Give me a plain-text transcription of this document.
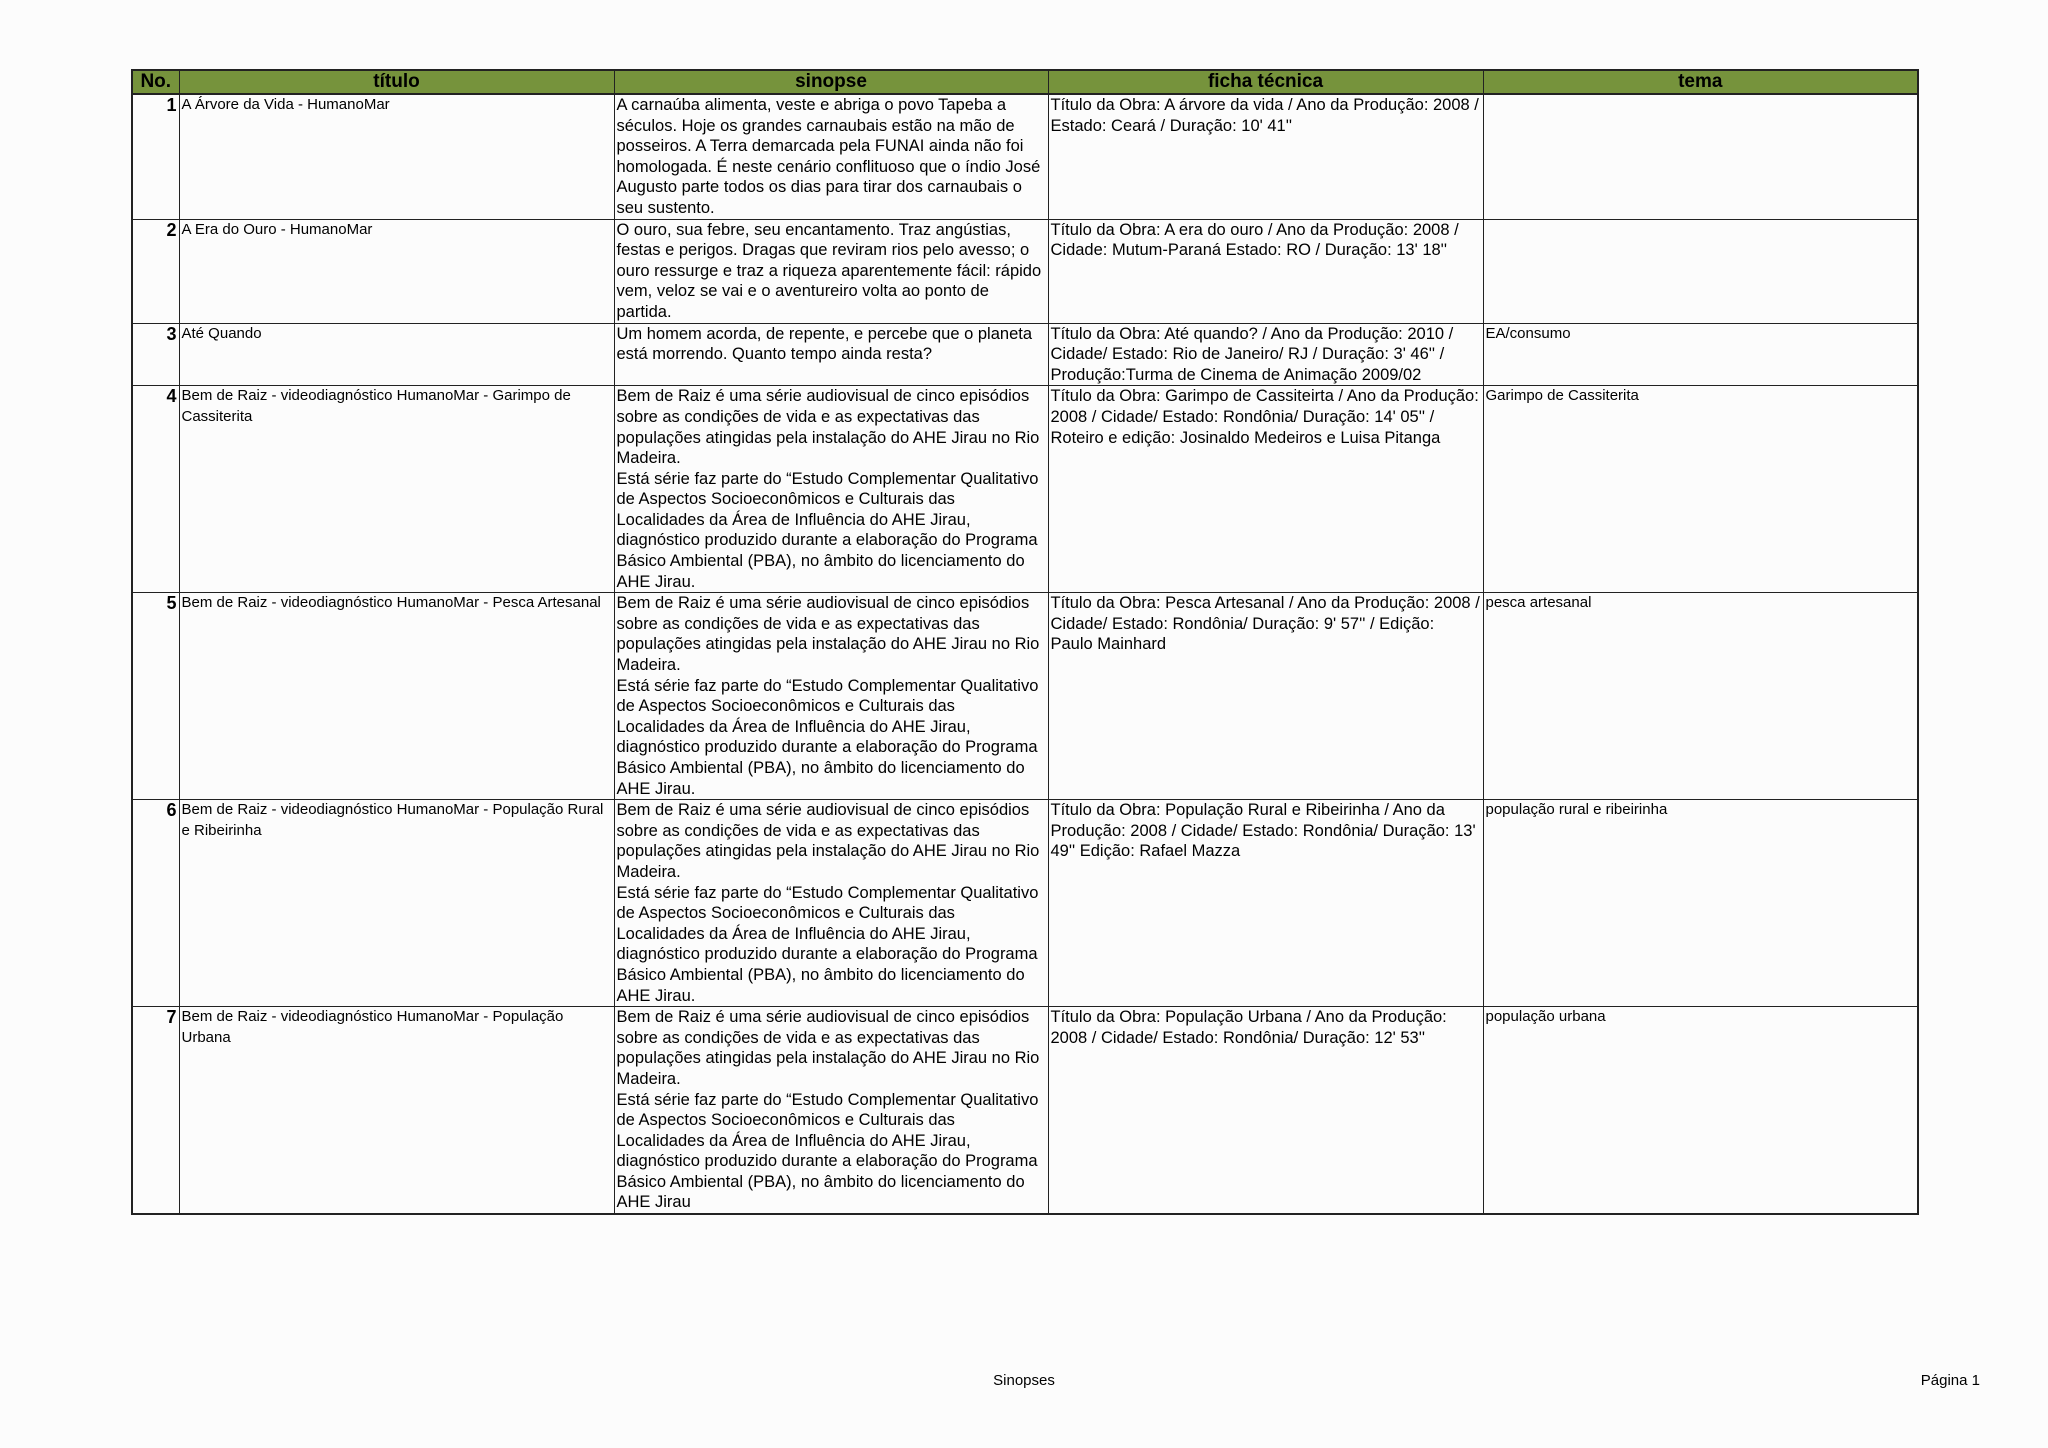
No.	título	sinopse	ficha técnica	tema
1	A Árvore da Vida - HumanoMar	A carnaúba alimenta, veste e abriga o povo Tapeba a séculos. Hoje os grandes carnaubais estão na mão de posseiros. A Terra demarcada pela FUNAI ainda não foi homologada. É neste cenário conflituoso que o índio José Augusto parte todos os dias para tirar dos carnaubais o seu sustento.	Título da Obra: A árvore da vida / Ano da Produção: 2008 / Estado: Ceará / Duração: 10' 41''	
2	A Era do Ouro - HumanoMar	O ouro, sua febre, seu encantamento. Traz angústias, festas e perigos. Dragas que reviram rios pelo avesso; o ouro ressurge e traz a riqueza aparentemente fácil: rápido vem, veloz se vai e o aventureiro volta ao ponto de partida.	Título da Obra: A era do ouro / Ano da Produção: 2008 / Cidade: Mutum-Paraná Estado: RO / Duração: 13' 18''	
3	Até Quando	Um homem acorda, de repente, e percebe que o planeta está morrendo. Quanto tempo ainda resta?	Título da Obra: Até quando? / Ano da Produção: 2010 / Cidade/ Estado: Rio de Janeiro/ RJ / Duração: 3' 46'' / Produção:Turma de Cinema de Animação 2009/02	EA/consumo
4	Bem de Raiz - videodiagnóstico HumanoMar - Garimpo de Cassiterita	Bem de Raiz é uma série audiovisual de cinco episódios sobre as condições de vida e as expectativas das populações atingidas pela instalação do AHE Jirau no Rio Madeira.
Está série faz parte do “Estudo Complementar Qualitativo de Aspectos Socioeconômicos e Culturais das Localidades da Área de Influência do AHE Jirau, diagnóstico produzido durante a elaboração do Programa Básico Ambiental (PBA), no âmbito do licenciamento do AHE Jirau.	Título da Obra: Garimpo de Cassiteirta / Ano da Produção: 2008 / Cidade/ Estado: Rondônia/ Duração: 14' 05'' / Roteiro e edição: Josinaldo Medeiros e Luisa Pitanga	Garimpo de Cassiterita
5	Bem de Raiz - videodiagnóstico HumanoMar - Pesca Artesanal	Bem de Raiz é uma série audiovisual de cinco episódios sobre as condições de vida e as expectativas das populações atingidas pela instalação do AHE Jirau no Rio Madeira.
Está série faz parte do “Estudo Complementar Qualitativo de Aspectos Socioeconômicos e Culturais das Localidades da Área de Influência do AHE Jirau, diagnóstico produzido durante a elaboração do Programa Básico Ambiental (PBA), no âmbito do licenciamento do AHE Jirau.	Título da Obra: Pesca Artesanal / Ano da Produção: 2008 / Cidade/ Estado: Rondônia/ Duração: 9' 57'' / Edição: Paulo Mainhard	pesca artesanal
6	Bem de Raiz - videodiagnóstico HumanoMar - População Rural e Ribeirinha	Bem de Raiz é uma série audiovisual de cinco episódios sobre as condições de vida e as expectativas das populações atingidas pela instalação do AHE Jirau no Rio Madeira.
Está série faz parte do “Estudo Complementar Qualitativo de Aspectos Socioeconômicos e Culturais das Localidades da Área de Influência do AHE Jirau, diagnóstico produzido durante a elaboração do Programa Básico Ambiental (PBA), no âmbito do licenciamento do AHE Jirau.	Título da Obra: População Rural e Ribeirinha / Ano da Produção: 2008 / Cidade/ Estado: Rondônia/ Duração: 13' 49'' Edição: Rafael Mazza	população rural e ribeirinha
7	Bem de Raiz - videodiagnóstico HumanoMar - População Urbana	Bem de Raiz é uma série audiovisual de cinco episódios sobre as condições de vida e as expectativas das populações atingidas pela instalação do AHE Jirau no Rio Madeira.
Está série faz parte do “Estudo Complementar Qualitativo de Aspectos Socioeconômicos e Culturais das Localidades da Área de Influência do AHE Jirau, diagnóstico produzido durante a elaboração do Programa Básico Ambiental (PBA), no âmbito do licenciamento do AHE Jirau	Título da Obra: População Urbana / Ano da Produção: 2008 / Cidade/ Estado: Rondônia/ Duração: 12' 53''	população urbana
Sinopses	Página 1
